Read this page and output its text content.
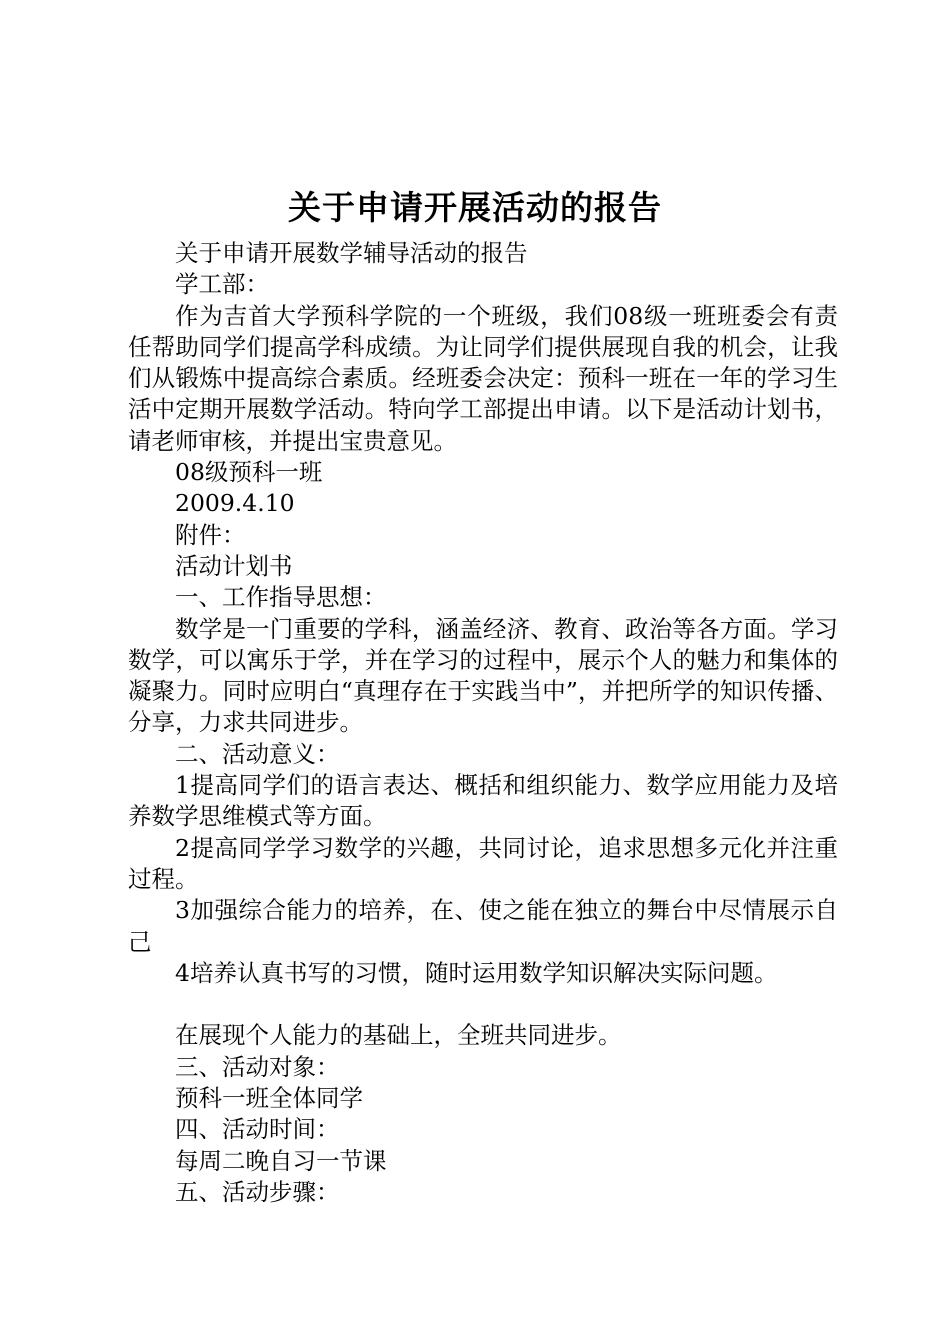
关于申请开展活动的报告

关于申请开展数学辅导活动的报告

学工部：

作为吉首大学预科学院的一个班级，我们08级一班班委会有责任帮助同学们提高学科成绩。为让同学们提供展现自我的机会，让我们从锻炼中提高综合素质。经班委会决定：预科一班在一年的学习生活中定期开展数学活动。特向学工部提出申请。以下是活动计划书，请老师审核，并提出宝贵意见。

08级预科一班

2009.4.10

附件：

活动计划书

一、工作指导思想：

数学是一门重要的学科，涵盖经济、教育、政治等各方面。学习数学，可以寓乐于学，并在学习的过程中，展示个人的魅力和集体的凝聚力。同时应明白“真理存在于实践当中”，并把所学的知识传播、分享，力求共同进步。

二、活动意义：

1提高同学们的语言表达、概括和组织能力、数学应用能力及培养数学思维模式等方面。

2提高同学学习数学的兴趣，共同讨论，追求思想多元化并注重过程。

3加强综合能力的培养，在、使之能在独立的舞台中尽情展示自己

4培养认真书写的习惯，随时运用数学知识解决实际问题。

在展现个人能力的基础上，全班共同进步。

三、活动对象：

预科一班全体同学

四、活动时间：

每周二晚自习一节课

五、活动步骤：
